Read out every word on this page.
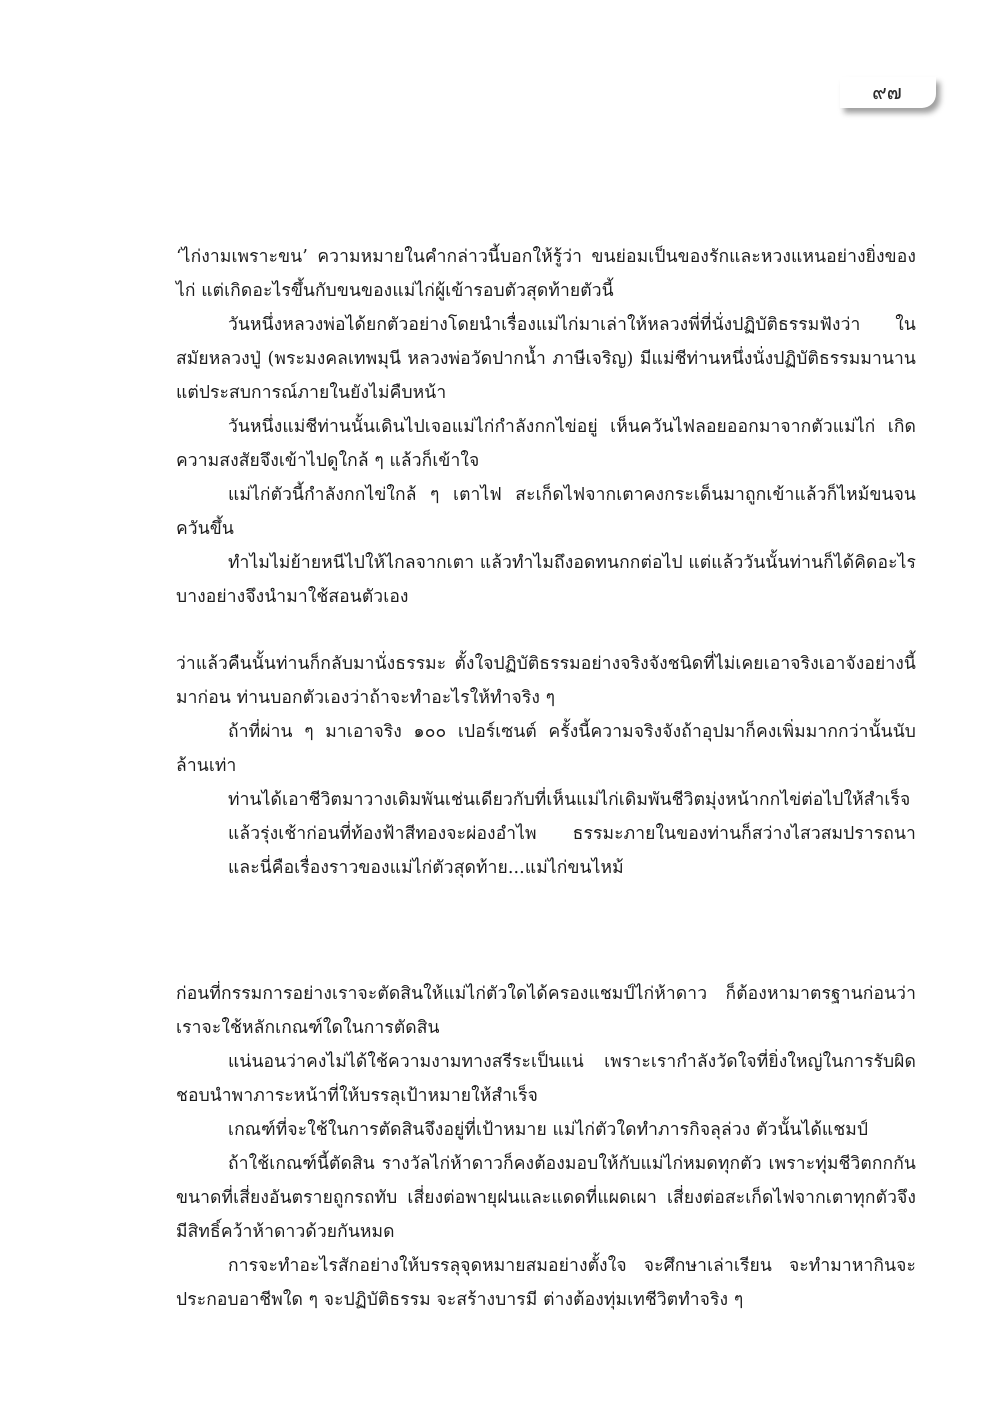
๙๗

‘ไก่งามเพราะขน’ ความหมายในคำกล่าวนี้บอกให้รู้ว่า ขนย่อมเป็นของรักและหวงแหนอย่างยิ่งของไก่ แต่เกิดอะไรขึ้นกับขนของแม่ไก่ผู้เข้ารอบตัวสุดท้ายตัวนี้

วันหนึ่งหลวงพ่อได้ยกตัวอย่างโดยนำเรื่องแม่ไก่มาเล่าให้หลวงพี่ที่นั่งปฏิบัติธรรมฟังว่า ในสมัยหลวงปู่ (พระมงคลเทพมุนี หลวงพ่อวัดปากน้ำ ภาษีเจริญ) มีแม่ชีท่านหนึ่งนั่งปฏิบัติธรรมมานานแต่ประสบการณ์ภายในยังไม่คืบหน้า

วันหนึ่งแม่ชีท่านนั้นเดินไปเจอแม่ไก่กำลังกกไข่อยู่ เห็นควันไฟลอยออกมาจากตัวแม่ไก่ เกิดความสงสัยจึงเข้าไปดูใกล้ ๆ แล้วก็เข้าใจ

แม่ไก่ตัวนี้กำลังกกไข่ใกล้ ๆ เตาไฟ สะเก็ดไฟจากเตาคงกระเด็นมาถูกเข้าแล้วก็ไหม้ขนจนควันขึ้น

ทำไมไม่ย้ายหนีไปให้ไกลจากเตา แล้วทำไมถึงอดทนกกต่อไป แต่แล้ววันนั้นท่านก็ได้คิดอะไรบางอย่างจึงนำมาใช้สอนตัวเอง

ว่าแล้วคืนนั้นท่านก็กลับมานั่งธรรมะ ตั้งใจปฏิบัติธรรมอย่างจริงจังชนิดที่ไม่เคยเอาจริงเอาจังอย่างนี้มาก่อน ท่านบอกตัวเองว่าถ้าจะทำอะไรให้ทำจริง ๆ

ถ้าที่ผ่าน ๆ มาเอาจริง ๑๐๐ เปอร์เซนต์ ครั้งนี้ความจริงจังถ้าอุปมาก็คงเพิ่มมากกว่านั้นนับล้านเท่า

ท่านได้เอาชีวิตมาวางเดิมพันเช่นเดียวกับที่เห็นแม่ไก่เดิมพันชีวิตมุ่งหน้ากกไข่ต่อไปให้สำเร็จ แล้วรุ่งเช้าก่อนที่ท้องฟ้าสีทองจะผ่องอำไพ ธรรมะภายในของท่านก็สว่างไสวสมปรารถนา และนี่คือเรื่องราวของแม่ไก่ตัวสุดท้าย...แม่ไก่ขนไหม้

ก่อนที่กรรมการอย่างเราจะตัดสินให้แม่ไก่ตัวใดได้ครองแชมป์ไก่ห้าดาว ก็ต้องหามาตรฐานก่อนว่าเราจะใช้หลักเกณฑ์ใดในการตัดสิน

แน่นอนว่าคงไม่ได้ใช้ความงามทางสรีระเป็นแน่ เพราะเรากำลังวัดใจที่ยิ่งใหญ่ในการรับผิดชอบนำพาภาระหน้าที่ให้บรรลุเป้าหมายให้สำเร็จ

เกณฑ์ที่จะใช้ในการตัดสินจึงอยู่ที่เป้าหมาย แม่ไก่ตัวใดทำภารกิจลุล่วง ตัวนั้นได้แชมป์

ถ้าใช้เกณฑ์นี้ตัดสิน รางวัลไก่ห้าดาวก็คงต้องมอบให้กับแม่ไก่หมดทุกตัว เพราะทุ่มชีวิตกกกันขนาดที่เสี่ยงอันตรายถูกรถทับ เสี่ยงต่อพายุฝนและแดดที่แผดเผา เสี่ยงต่อสะเก็ดไฟจากเตาทุกตัวจึงมีสิทธิ์คว้าห้าดาวด้วยกันหมด

การจะทำอะไรสักอย่างให้บรรลุจุดหมายสมอย่างตั้งใจ จะศึกษาเล่าเรียน จะทำมาหากินจะประกอบอาชีพใด ๆ จะปฏิบัติธรรม จะสร้างบารมี ต่างต้องทุ่มเทชีวิตทำจริง ๆ
